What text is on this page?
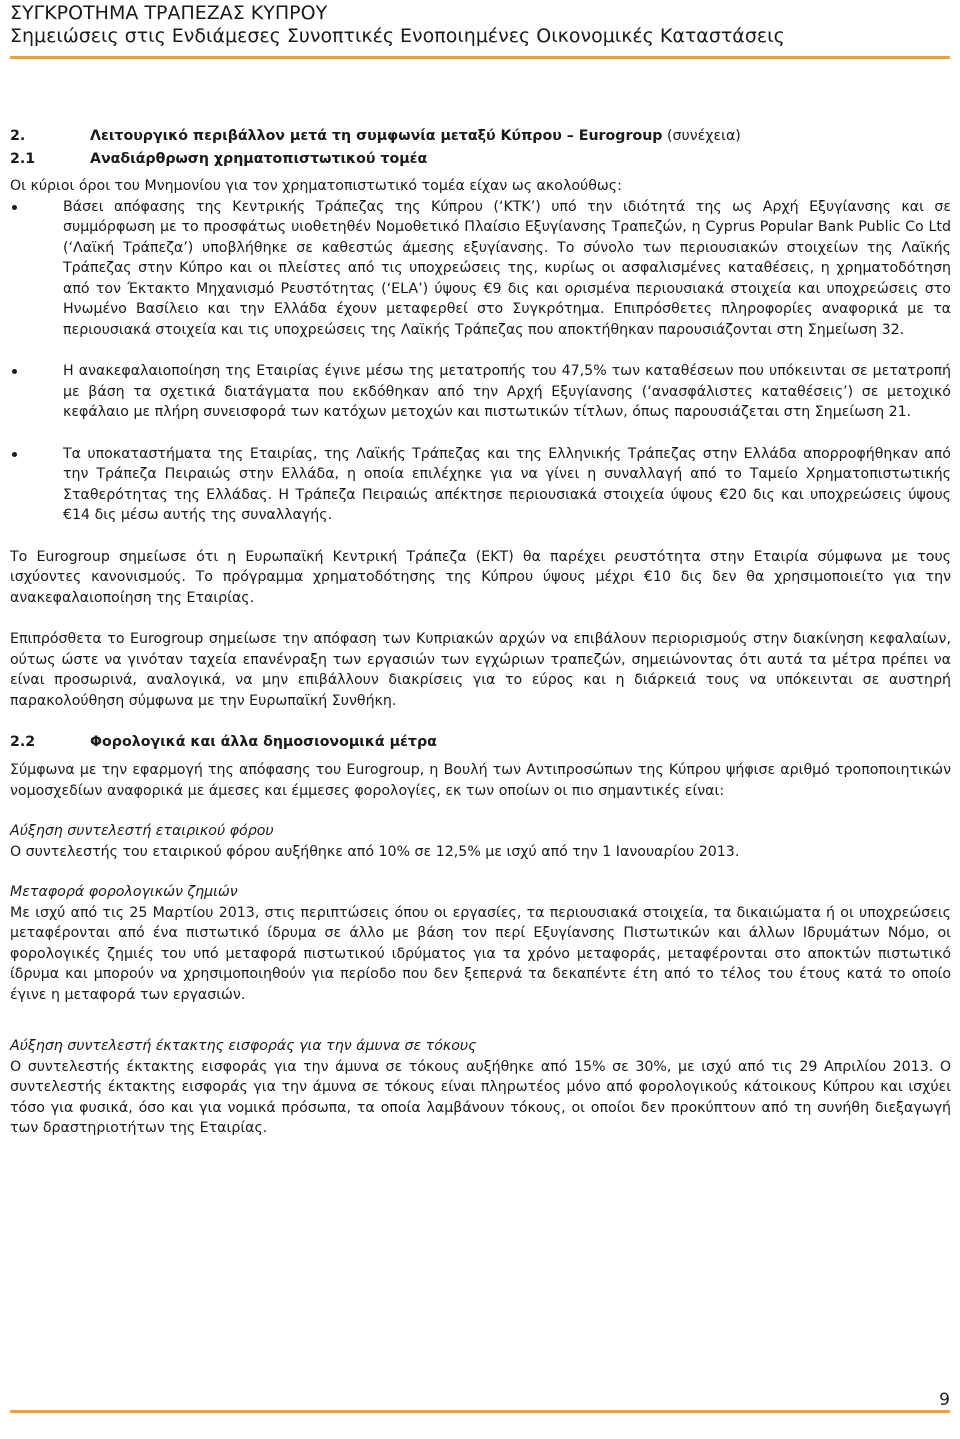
ΣΥΓΚΡΟΤΗΜΑ ΤΡΑΠΕΖΑΣ ΚΥΠΡΟΥ
Σημειώσεις στις Ενδιάμεσες Συνοπτικές Ενοποιημένες Οικονομικές Καταστάσεις
2.	Λειτουργικό περιβάλλον μετά τη συμφωνία μεταξύ Κύπρου – Eurogroup (συνέχεια)
2.1	Αναδιάρθρωση χρηματοπιστωτικού τομέα

Οι κύριοι όροι του Μνημονίου για τον χρηματοπιστωτικό τομέα είχαν ως ακολούθως:

Βάσει απόφασης της Κεντρικής Τράπεζας της Κύπρου (‘ΚΤΚ’) υπό την ιδιότητά της ως Αρχή Εξυγίανσης και σε συμμόρφωση με το προσφάτως υιοθετηθέν Νομοθετικό Πλαίσιο Εξυγίανσης Τραπεζών, η Cyprus Popular Bank Public Co Ltd (‘Λαϊκή Τράπεζα’) υποβλήθηκε σε καθεστώς άμεσης εξυγίανσης. Το σύνολο των περιουσιακών στοιχείων της Λαϊκής Τράπεζας στην Κύπρο και οι πλείστες από τις υποχρεώσεις της, κυρίως οι ασφαλισμένες καταθέσεις, η χρηματοδότηση από τον Έκτακτο Μηχανισμό Ρευστότητας (‘ELA’) ύψους €9 δις και ορισμένα περιουσιακά στοιχεία και υποχρεώσεις στο Ηνωμένο Βασίλειο και την Ελλάδα έχουν μεταφερθεί στο Συγκρότημα. Επιπρόσθετες πληροφορίες αναφορικά με τα περιουσιακά στοιχεία και τις υποχρεώσεις της Λαϊκής Τράπεζας που αποκτήθηκαν παρουσιάζονται στη Σημείωση 32.
Η ανακεφαλαιοποίηση της Εταιρίας έγινε μέσω της μετατροπής του 47,5% των καταθέσεων που υπόκεινται σε μετατροπή με βάση τα σχετικά διατάγματα που εκδόθηκαν από την Αρχή Εξυγίανσης (‘ανασφάλιστες καταθέσεις’) σε μετοχικό κεφάλαιο με πλήρη συνεισφορά των κατόχων μετοχών και πιστωτικών τίτλων, όπως παρουσιάζεται στη Σημείωση 21.
Τα υποκαταστήματα της Εταιρίας, της Λαϊκής Τράπεζας και της Ελληνικής Τράπεζας στην Ελλάδα απορροφήθηκαν από την Τράπεζα Πειραιώς στην Ελλάδα, η οποία επιλέχηκε για να γίνει η συναλλαγή από το Ταμείο Χρηματοπιστωτικής Σταθερότητας της Ελλάδας. Η Τράπεζα Πειραιώς απέκτησε περιουσιακά στοιχεία ύψους €20 δις και υποχρεώσεις ύψους €14 δις μέσω αυτής της συναλλαγής.

Το Eurogroup σημείωσε ότι η Ευρωπαϊκή Κεντρική Τράπεζα (ΕΚΤ) θα παρέχει ρευστότητα στην Εταιρία σύμφωνα με τους ισχύοντες κανονισμούς. Το πρόγραμμα χρηματοδότησης της Κύπρου ύψους μέχρι €10 δις δεν θα χρησιμοποιείτο για την ανακεφαλαιοποίηση της Εταιρίας.

Επιπρόσθετα το Eurogroup σημείωσε την απόφαση των Κυπριακών αρχών να επιβάλουν περιορισμούς στην διακίνηση κεφαλαίων, ούτως ώστε να γινόταν ταχεία επανένραξη των εργασιών των εγχώριων τραπεζών, σημειώνοντας ότι αυτά τα μέτρα πρέπει να είναι προσωρινά, αναλογικά, να μην επιβάλλουν διακρίσεις για το εύρος και η διάρκειά τους να υπόκεινται σε αυστηρή παρακολούθηση σύμφωνα με την Ευρωπαϊκή Συνθήκη.

2.2	Φορολογικά και άλλα δημοσιονομικά μέτρα

Σύμφωνα με την εφαρμογή της απόφασης του Eurogroup, η Βουλή των Αντιπροσώπων της Κύπρου ψήφισε αριθμό τροποποιητικών νομοσχεδίων αναφορικά με άμεσες και έμμεσες φορολογίες, εκ των οποίων οι πιο σημαντικές είναι:

Αύξηση συντελεστή εταιρικού φόρου

Ο συντελεστής του εταιρικού φόρου αυξήθηκε από 10% σε 12,5% με ισχύ από την 1 Ιανουαρίου 2013.

Μεταφορά φορολογικών ζημιών

Με ισχύ από τις 25 Μαρτίου 2013, στις περιπτώσεις όπου οι εργασίες, τα περιουσιακά στοιχεία, τα δικαιώματα ή οι υποχρεώσεις μεταφέρονται από ένα πιστωτικό ίδρυμα σε άλλο με βάση τον περί Εξυγίανσης Πιστωτικών και άλλων Ιδρυμάτων Νόμο, οι φορολογικές ζημιές του υπό μεταφορά πιστωτικού ιδρύματος για τα χρόνο μεταφοράς, μεταφέρονται στο αποκτών πιστωτικό ίδρυμα και μπορούν να χρησιμοποιηθούν για περίοδο που δεν ξεπερνά τα δεκαπέντε έτη από το τέλος του έτους κατά το οποίο έγινε η μεταφορά των εργασιών.

Αύξηση συντελεστή έκτακτης εισφοράς για την άμυνα σε τόκους

Ο συντελεστής έκτακτης εισφοράς για την άμυνα σε τόκους αυξήθηκε από 15% σε 30%, με ισχύ από τις 29 Απριλίου 2013. Ο συντελεστής έκτακτης εισφοράς για την άμυνα σε τόκους είναι πληρωτέος μόνο από φορολογικούς κάτοικους Κύπρου και ισχύει τόσο για φυσικά, όσο και για νομικά πρόσωπα, τα οποία λαμβάνουν τόκους, οι οποίοι δεν προκύπτουν από τη συνήθη διεξαγωγή των δραστηριοτήτων της Εταιρίας.

9
